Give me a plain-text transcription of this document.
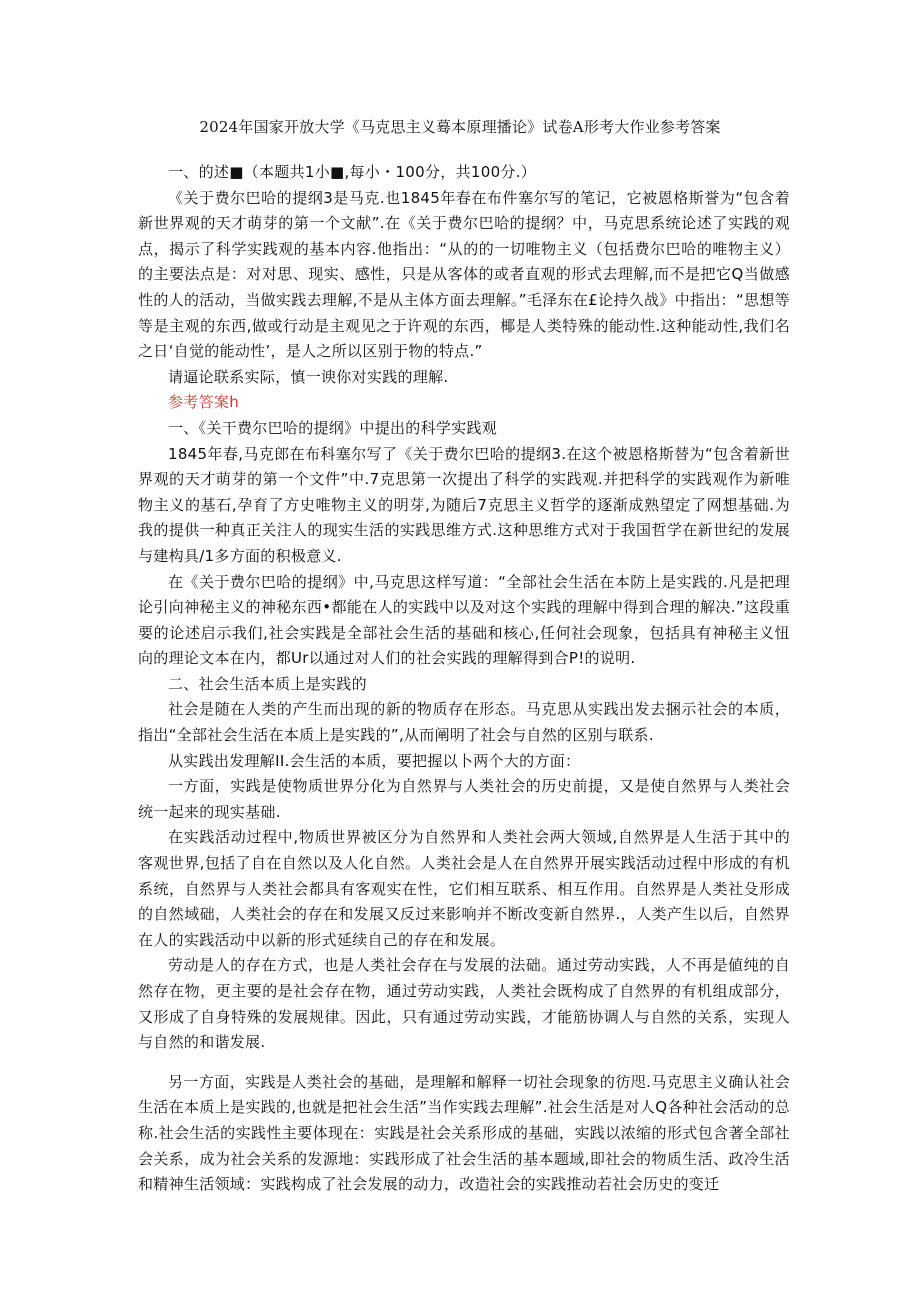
2024年国家开放大学《马克思主义蓦本原理播论》试卷A形考大作业参考答案

一、的述■（本题共1小■,每小・100分，共100分.）

《关于费尔巴哈的提纲3是马克.也1845年春在布件塞尔写的笔记，它被恩格斯誉为“包含着新世界观的天才萌芽的第一个文献”.在《关于费尔巴哈的提纲？中，马克思系统论述了实践的观点，揭示了科学实践观的基本内容.他指出：“从的的一切唯物主义（包括费尔巴哈的唯物主义）的主要法点是：对对思、现实、感性，只是从客体的或者直观的形式去理解,而不是把它Q当做感性的人的活动，当做实践去理解,不是从主体方面去理解。”毛泽东在£论持久战》中指出：“思想等等是主观的东西,做或行动是主观见之于许观的东西，椰是人类特殊的能动性.这种能动性,我们名之日‘自觉的能动性’，是人之所以区别于物的特点.”

请逼论联系实际，慎一谀你对实践的理解.

参考答案h

一、《关干费尔巴哈的提纲》中提出的科学实践观

1845年春,马克郎在布科塞尔写了《关于费尔巴哈的提纲3.在这个被恩格斯替为“包含着新世界观的天才萌芽的第一个文件”中.7克思第一次提出了科学的实践观.并把科学的实践观作为新唯物主义的基石,孕育了方史唯物主义的明芽,为随后7克思主义哲学的逐渐成熟望定了网想基础.为我的提供一种真正关注人的现实生活的实践思维方式.这种思维方式对于我国哲学在新世纪的发展与建构具/1多方面的积极意义.

在《关于费尔巴哈的提纲》中,马克思这样写道：“全部社会生活在本防上是实践的.凡是把理论引向神秘主义的神秘东西•都能在人的实践中以及对这个实践的理解中得到合理的解决.”这段重要的论述启示我们,社会实践是全部社会生活的基础和核心,任何社会现象，包括具有神秘主义忸向的理论文本在内，都Ur以通过对人们的社会实践的理解得到合P!的说明.

二、社会生活本质上是实践的

社会是随在人类的产生而出现的新的物质存在形态。马克思从实践出发去捆示社会的本质，指岀“全部社会生活在本质上是实践的”,从而阐明了社会与自然的区别与联系.

从实践出发理解II.会生活的本质，要把握以卜两个大的方面：

一方面，实践是使物质世界分化为自然界与人类社会的历史前提，又是使自然界与人类社会统一起来的现实基础.

在实践活动过程中,物质世界被区分为自然界和人类社会两大领域,自然界是人生活于其中的客观世界,包括了自在自然以及人化自然。人类社会是人在自然界开展实践活动过程中形成的有机系统，自然界与人类社会都具有客观实在性，它们相互联系、相互作用。自然界是人类社殳形成的自然域础，人类社会的存在和发展又反过来影响并不断改变新自然界.，人类产生以后，自然界在人的实践活动中以新的形式延续自己的存在和发展。

劳动是人的存在方式，也是人类社会存在与发展的法础。通过劳动实践，人不再是値纯的自然存在物，更主要的是社会存在物，通过劳动实践，人类社会既构成了自然界的有机组成部分，又形成了自身特殊的发展规律。因此，只有通过劳动实践，才能筋协调人与自然的关系，实现人与自然的和谐发展.

另一方面，实践是人类社会的基础，是理解和解释一切社会现象的彷咫.马克思主义确认社会生活在本质上是实践的,也就是把社会生活”当作实践去理解”.社会生活是对人Q各种社会活动的总称.社会生活的实践性主要体现在：实践是社会关系形成的基础，实践以浓缩的形式包含著全部社会关系，成为社会关系的发源地：实践形成了社会生活的基本题域,即社会的物质生活、政冷生活和精神生活领域：实践构成了社会发展的动力，改造社会的实践推动若社会历史的变迁
